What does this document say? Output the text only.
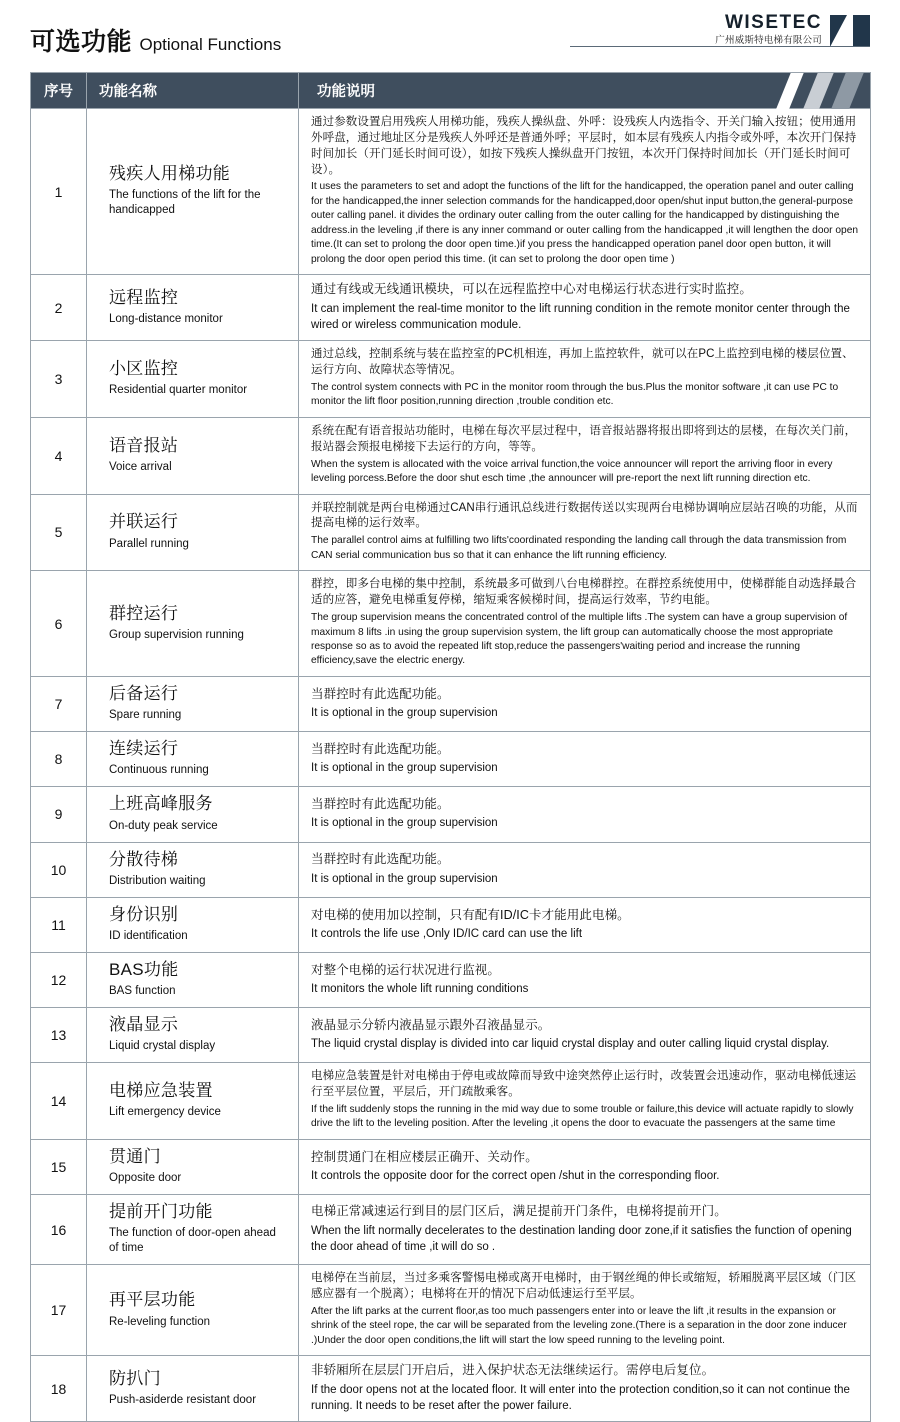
可选功能 Optional Functions
WISETEC
广州威斯特电梯有限公司
序号	功能名称	功能说明

1	
残疾人用梯功能
The functions of the lift for the handicapped

通过参数设置启用残疾人用梯功能，残疾人操纵盘、外呼：设残疾人内选指令、开关门输入按钮；使用通用外呼盘，通过地址区分是残疾人外呼还是普通外呼；平层时，如本层有残疾人内指令或外呼，本次开门保持时间加长（开门延长时间可设），如按下残疾人操纵盘开门按钮，本次开门保持时间加长（开门延长时间可设）。
It uses the parameters to set and adopt the functions of the lift for the handicapped, the operation panel and outer calling for the handicapped,the inner selection commands for the handicapped,door open/shut input button,the general-purpose outer calling panel. it divides the ordinary outer calling from the outer calling for the handicapped by distinguishing the address.in the leveling ,if there is any inner command or outer calling from the handicapped ,it will lengthen the door open time.(It can set to prolong the door open time.)if you press the handicapped operation panel door open button, it will prolong the door open period this time. (it can set to prolong the door open time )

2	
远程监控
Long-distance monitor

通过有线或无线通讯模块，可以在远程监控中心对电梯运行状态进行实时监控。
It can implement the real-time monitor to the lift running condition in the remote monitor center through the wired or wireless communication module.

3	
小区监控
Residential quarter monitor

通过总线，控制系统与装在监控室的PC机相连，再加上监控软件，就可以在PC上监控到电梯的楼层位置、运行方向、故障状态等情况。
The control system connects with PC in the monitor room through the bus.Plus the monitor software ,it can use PC to monitor the lift floor position,running direction ,trouble condition etc.

4	
语音报站
Voice arrival

系统在配有语音报站功能时，电梯在每次平层过程中，语音报站器将报出即将到达的层楼，在每次关门前，报站器会预报电梯接下去运行的方向，等等。
When the system is allocated with the voice arrival function,the voice announcer will report the arriving floor in every leveling porcess.Before the door shut esch time ,the announcer will pre-report the next lift running direction etc.

5	
并联运行
Parallel running

并联控制就是两台电梯通过CAN串行通讯总线进行数据传送以实现两台电梯协调响应层站召唤的功能，从而提高电梯的运行效率。
The parallel control aims at fulfilling two lifts'coordinated responding the landing call through the data transmission from CAN serial communication bus so that it can enhance the lift running efficiency.

6	
群控运行
Group supervision running

群控，即多台电梯的集中控制，系统最多可做到八台电梯群控。在群控系统使用中，使梯群能自动选择最合适的应答，避免电梯重复停梯，缩短乘客候梯时间，提高运行效率，节约电能。
The group supervision means the concentrated control of the multiple lifts .The system can have a group supervision of maximum 8 lifts .in using the group supervision system, the lift group can automatically choose the most appropriate response so as to avoid the repeated lift stop,reduce the passengers'waiting period and increase the running efficiency,save the electric energy.

7	
后备运行
Spare running

当群控时有此选配功能。
It is optional in the group supervision

8	
连续运行
Continuous running

当群控时有此选配功能。
It is optional in the group supervision

9	
上班高峰服务
On-duty peak service

当群控时有此选配功能。
It is optional in the group supervision

10	
分散待梯
Distribution waiting

当群控时有此选配功能。
It is optional in the group supervision

11	
身份识别
ID identification

对电梯的使用加以控制，只有配有ID/IC卡才能用此电梯。
It controls the life use ,Only ID/IC card can use the lift

12	
BAS功能
BAS function

对整个电梯的运行状况进行监视。
It monitors the whole lift running conditions

13	
液晶显示
Liquid crystal display

液晶显示分轿内液晶显示跟外召液晶显示。
The liquid crystal display is divided into car liquid crystal display and outer calling liquid crystal display.

14	
电梯应急装置
Lift emergency device

电梯应急装置是针对电梯由于停电或故障而导致中途突然停止运行时，改装置会迅速动作，驱动电梯低速运行至平层位置，平层后，开门疏散乘客。
If the lift suddenly stops the running in the mid way due to some trouble or failure,this device will actuate rapidly to slowly drive the lift to the leveling position. After the leveling ,it opens the door to evacuate the passengers at the same time

15	
贯通门
Opposite door

控制贯通门在相应楼层正确开、关动作。
It controls the opposite door for the correct open /shut in the corresponding floor.

16	
提前开门功能
The function of door-open ahead of time

电梯正常减速运行到目的层门区后，满足提前开门条件，电梯将提前开门。
When the lift normally decelerates to the destination landing door zone,if it satisfies the function of opening the door ahead of time ,it will do so .

17	
再平层功能
Re-leveling function

电梯停在当前层，当过多乘客警惕电梯或离开电梯时，由于钢丝绳的伸长或缩短，轿厢脱离平层区域（门区感应器有一个脱离）；电梯将在开的情况下启动低速运行至平层。
After the lift parks at the current floor,as too much passengers enter into or leave the lift ,it results in the expansion or shrink of the steel rope, the car will be separated from the leveling zone.(There is a separation in the door zone inducer .)Under the door open conditions,the lift will start the low speed running to the leveling point.

18	
防扒门
Push-asiderde resistant door

非轿厢所在层层门开启后，进入保护状态无法继续运行。需停电后复位。
If the door opens not at the located floor. It will enter into the protection condition,so it can not continue the running. It needs to be reset after the power failure.
